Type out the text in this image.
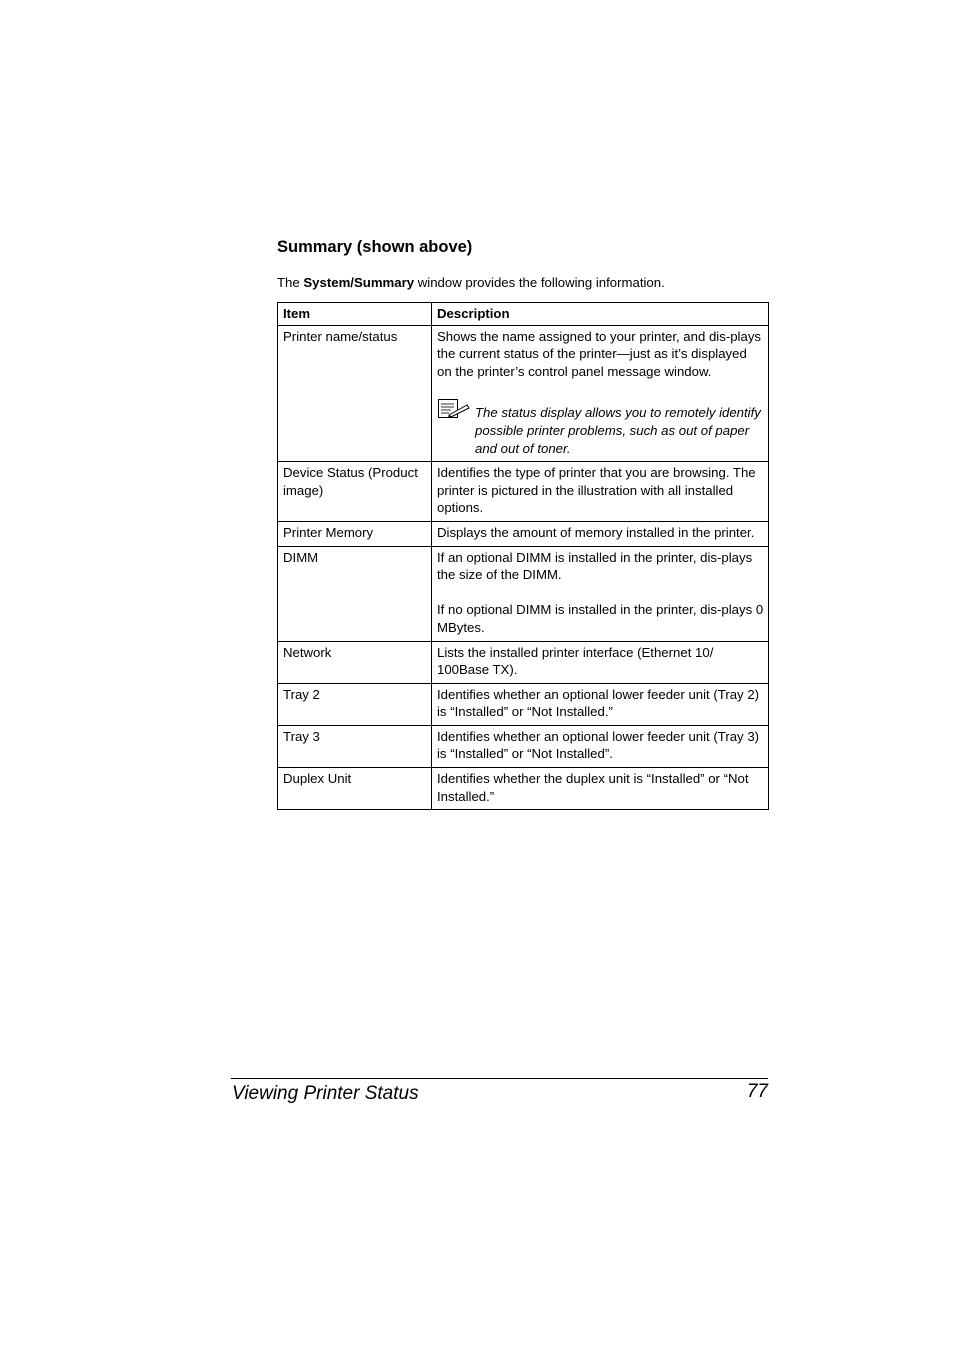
Summary (shown above)

The System/Summary window provides the following information.

Item	Description
Printer name/status	Shows the name assigned to your printer, and dis-plays the current status of the printer—just as it’s displayed on the printer’s control panel message window.
The status display allows you to remotely identify possible printer problems, such as out of paper and out of toner.

Device Status (Product image)	Identifies the type of printer that you are browsing. The printer is pictured in the illustration with all installed options.
Printer Memory	Displays the amount of memory installed in the printer.
DIMM	If an optional DIMM is installed in the printer, dis-plays the size of the DIMM.
If no optional DIMM is installed in the printer, dis-plays 0 MBytes.

Network	Lists the installed printer interface (Ethernet 10/ 100Base TX).
Tray 2	Identifies whether an optional lower feeder unit (Tray 2) is “Installed” or “Not Installed.”
Tray 3	Identifies whether an optional lower feeder unit (Tray 3) is “Installed” or “Not Installed”.
Duplex Unit	Identifies whether the duplex unit is “Installed” or “Not Installed.”

Viewing Printer Status	77
